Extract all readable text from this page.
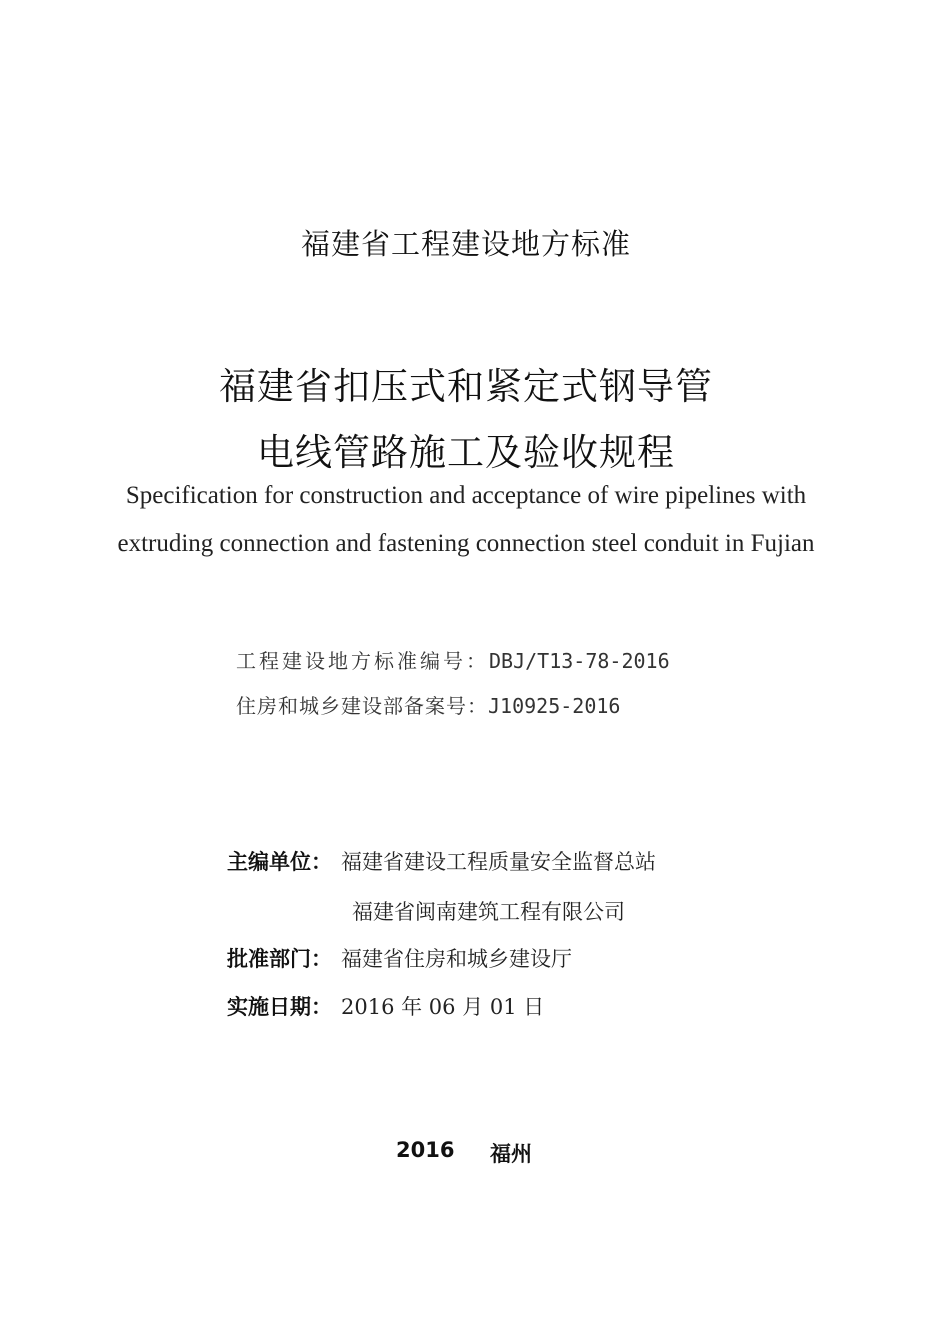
福建省工程建设地方标准
福建省扣压式和紧定式钢导管
电线管路施工及验收规程
Specification for construction and acceptance of wire pipelines with
extruding connection and fastening connection steel conduit in Fujian
工程建设地方标准编号：DBJ/T13-78-2016
住房和城乡建设部备案号：J10925-2016
主编单位： 福建省建设工程质量安全监督总站
福建省闽南建筑工程有限公司
批准部门： 福建省住房和城乡建设厅
实施日期： 2016 年 06 月 01 日
2016 福州
